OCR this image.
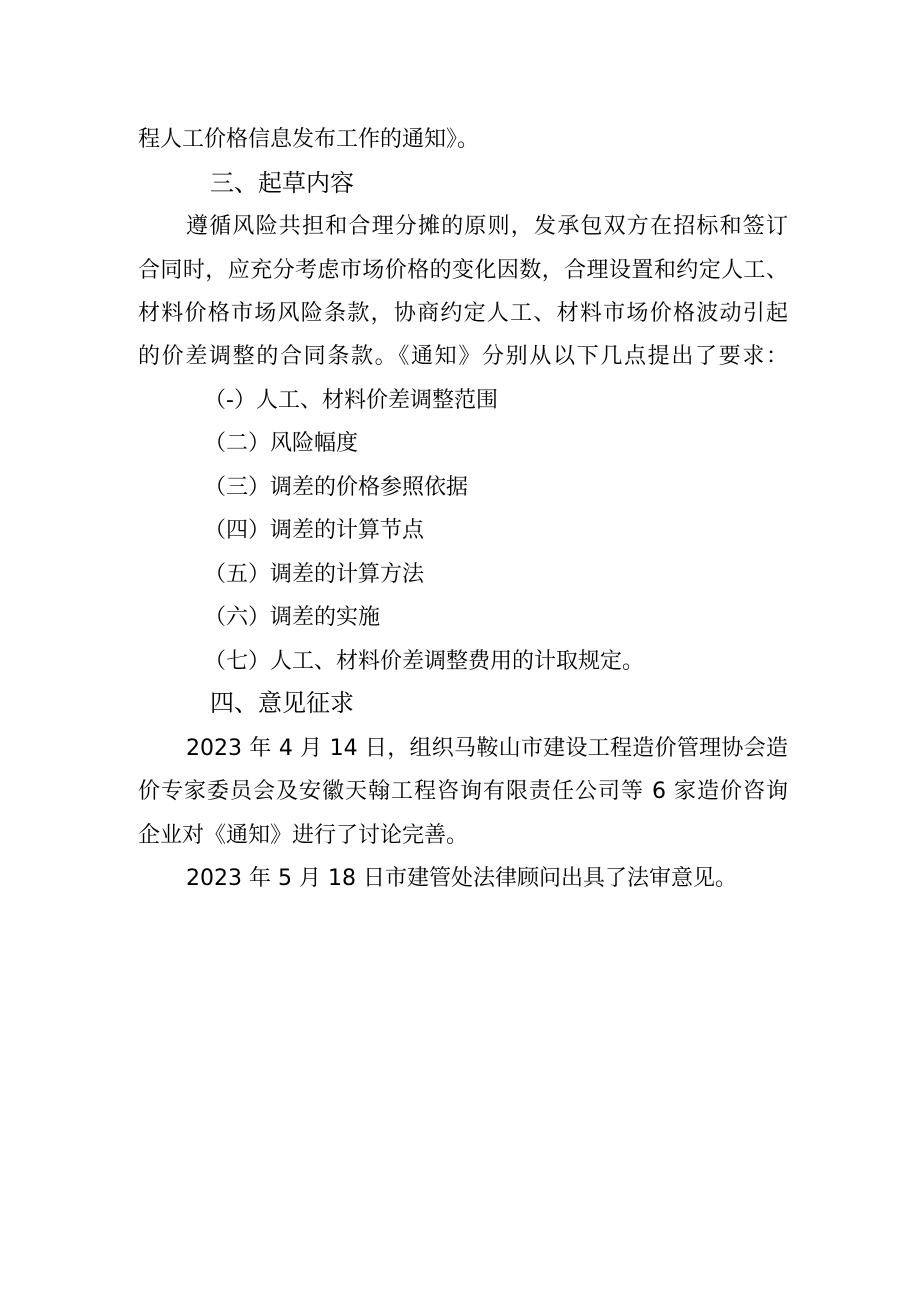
程人工价格信息发布工作的通知》。
三、起草内容
遵循风险共担和合理分摊的原则，发承包双方在招标和签订
合同时，应充分考虑市场价格的变化因数，合理设置和约定人工、
材料价格市场风险条款，协商约定人工、材料市场价格波动引起
的价差调整的合同条款。《通知》分别从以下几点提出了要求：
（-）人工、材料价差调整范围
（二）风险幅度
（三）调差的价格参照依据
（四）调差的计算节点
（五）调差的计算方法
（六）调差的实施
（七）人工、材料价差调整费用的计取规定。
四、意见征求
2023 年 4 月 14 日，组织马鞍山市建设工程造价管理协会造
价专家委员会及安徽天翰工程咨询有限责任公司等 6 家造价咨询
企业对《通知》进行了讨论完善。
2023 年 5 月 18 日市建管处法律顾问出具了法审意见。
